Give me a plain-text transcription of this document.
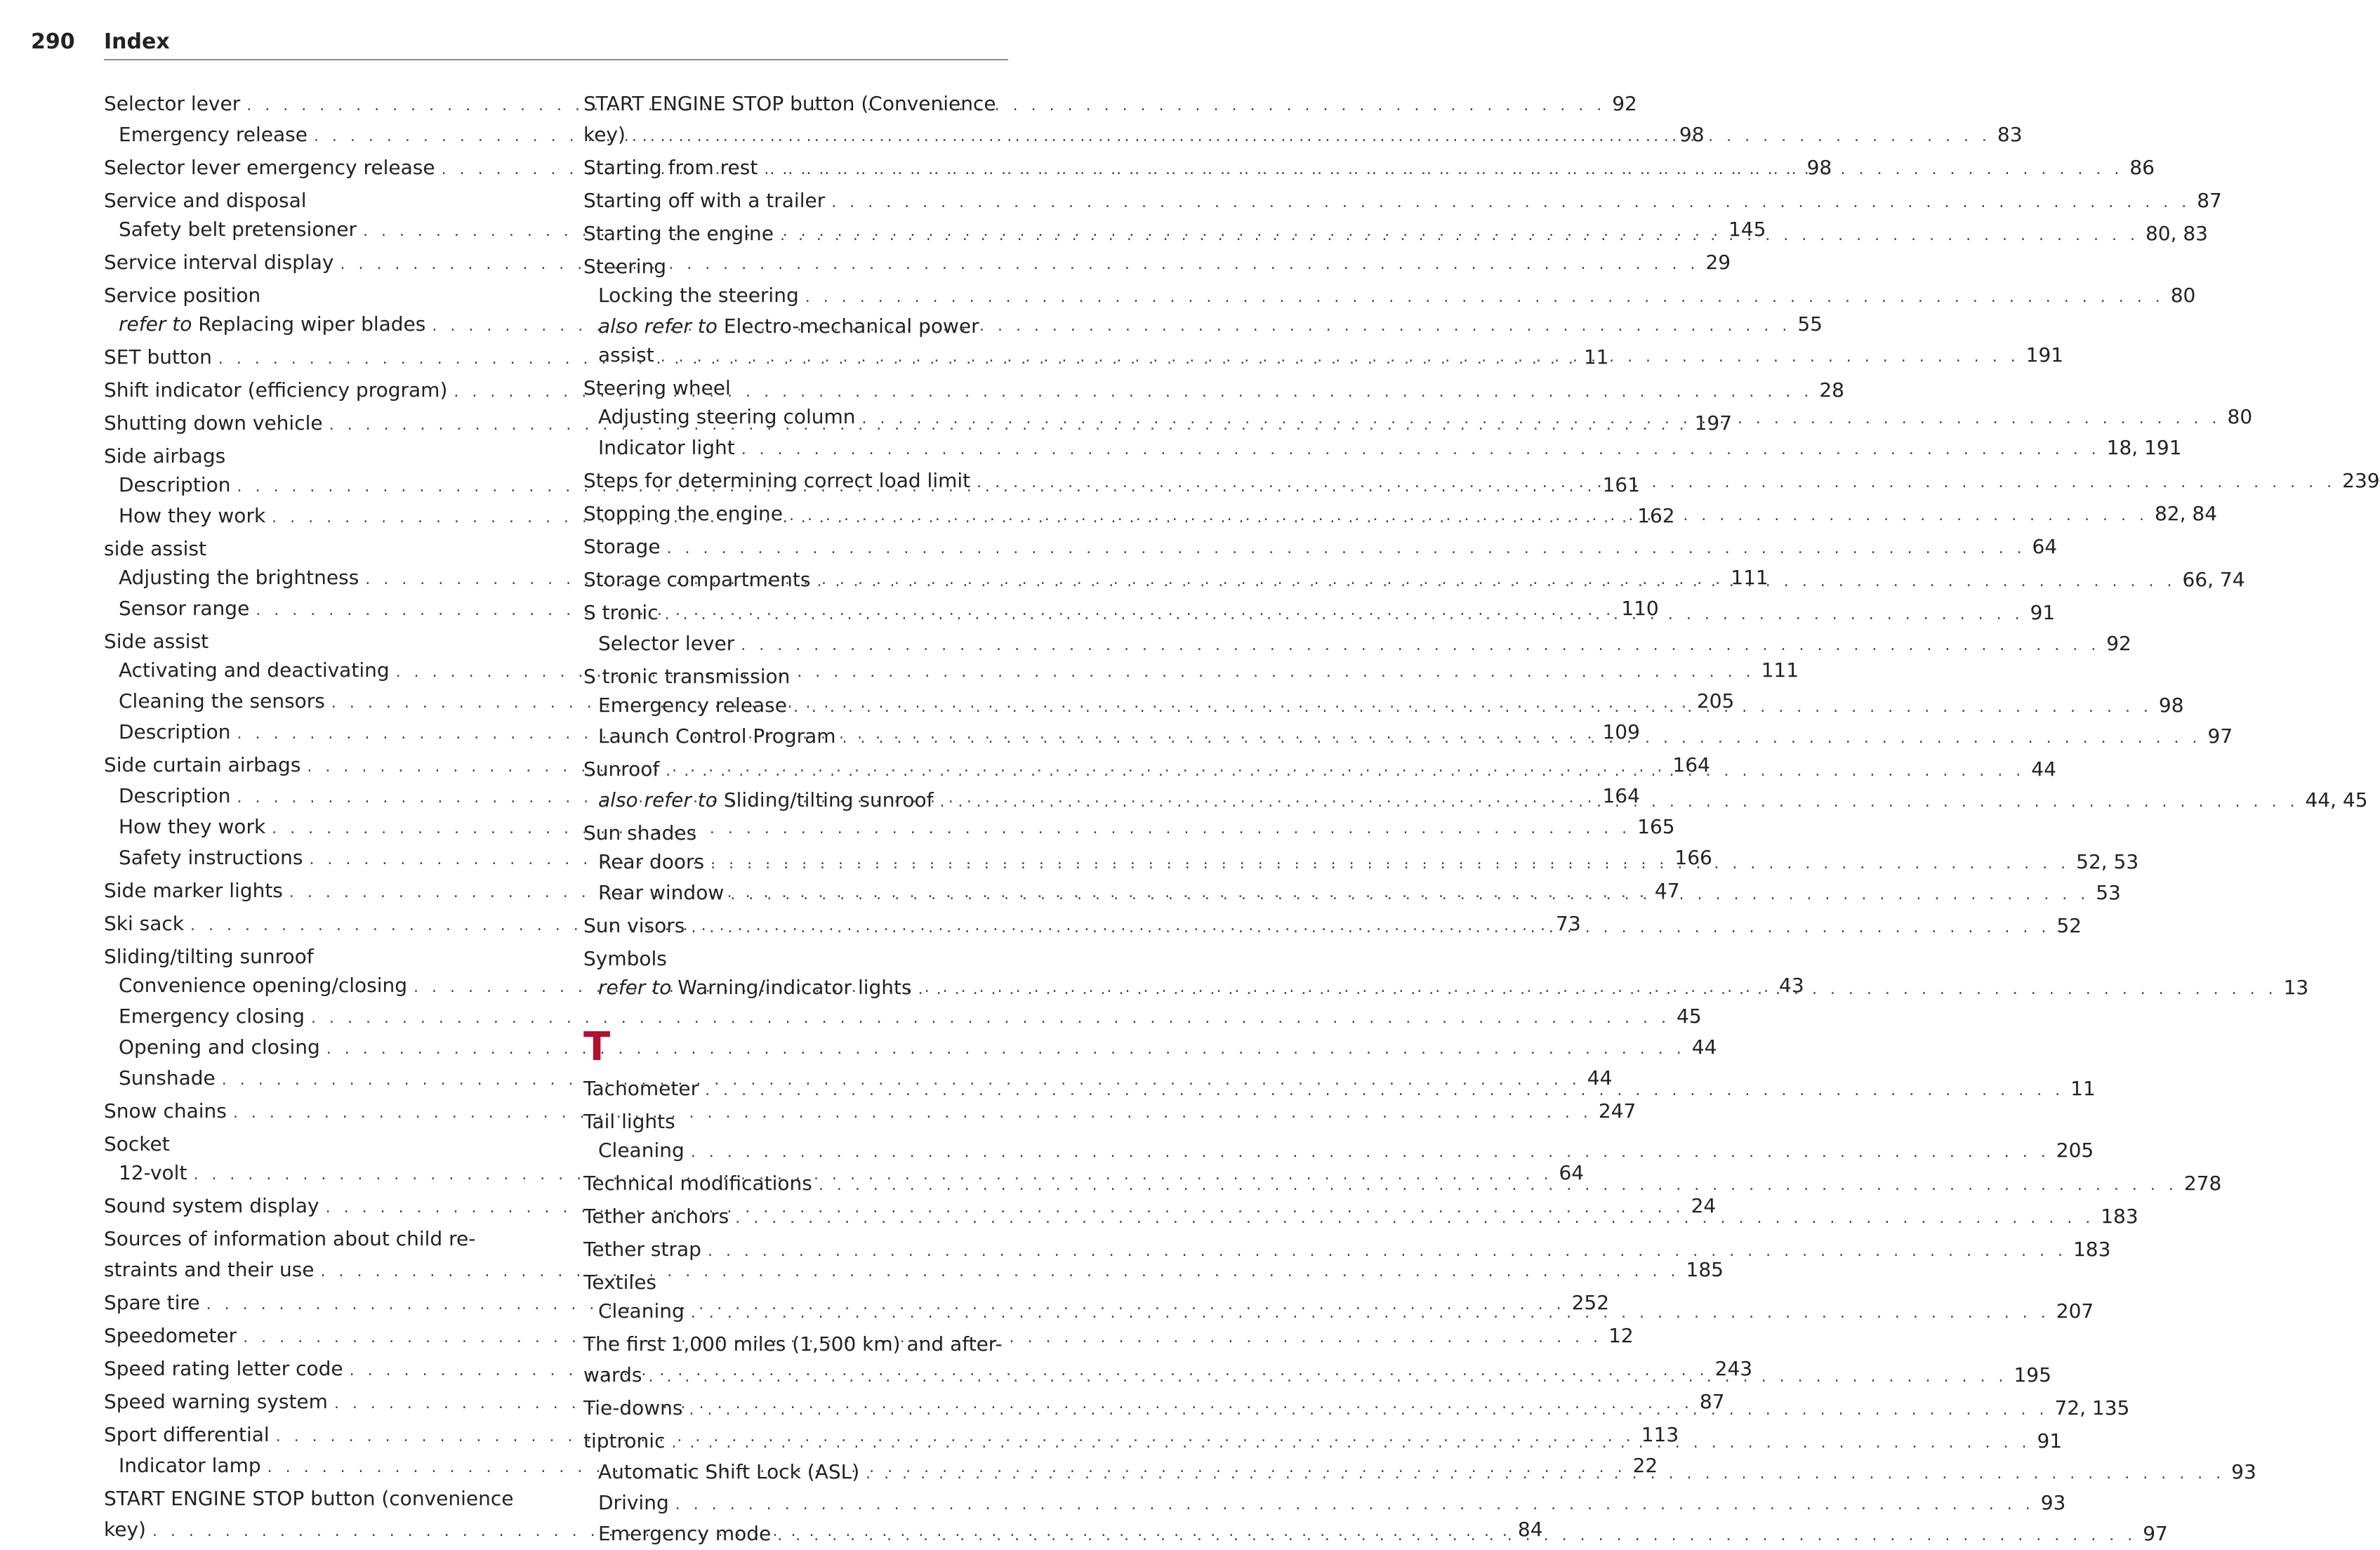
290 Index
Selector lever . . .	92
Emergency release . . .	98
Selector lever emergency release . . .	98
Service and disposal
Safety belt pretensioner . . .	145
Service interval display . . .	29
Service position
refer to Replacing wiper blades . . .	55
SET button . . .	11
Shift indicator (efficiency program) . . .	28
Shutting down vehicle . . .	197
Side airbags
Description . . .	161
How they work . . .	162
side assist
Adjusting the brightness . . .	111
Sensor range . . .	110
Side assist
Activating and deactivating . . .	111
Cleaning the sensors . . .	205
Description . . .	109
Side curtain airbags . . .	164
Description . . .	164
How they work . . .	165
Safety instructions . . .	166
Side marker lights . . .	47
Ski sack . . .	73
Sliding/tilting sunroof
Convenience opening/closing . . .	43
Emergency closing . . .	45
Opening and closing . . .	44
Sunshade . . .	44
Snow chains . . .	247
Socket
12-volt . . .	64
Sound system display . . .	24
Sources of information about child re-
straints and their use . . .	185
Spare tire . . .	252
Speedometer . . .	12
Speed rating letter code . . .	243
Speed warning system . . .	87
Sport differential . . .	113
Indicator lamp . . .	22
START ENGINE STOP button (convenience
key) . . .	84
START ENGINE STOP button (Convenience
key) . . .	83
Starting from rest . . .	86
Starting off with a trailer . . .	87
Starting the engine . . .	80, 83
Steering
Locking the steering . . .	80
also refer to Electro-mechanical power
assist . . .	191
Steering wheel
Adjusting steering column . . .	80
Indicator light . . .	18, 191
Steps for determining correct load limit . . .	239
Stopping the engine . . .	82, 84
Storage . . .	64
Storage compartments . . .	66, 74
S tronic . . .	91
Selector lever . . .	92
S tronic transmission
Emergency release . . .	98
Launch Control Program . . .	97
Sunroof . . .	44
also refer to Sliding/tilting sunroof . . .	44, 45
Sun shades
Rear doors . . .	52, 53
Rear window . . .	53
Sun visors . . .	52
Symbols
refer to Warning/indicator lights . . .	13
T
Tachometer . . .	11
Tail lights
Cleaning . . .	205
Technical modifications . . .	278
Tether anchors . . .	183
Tether strap . . .	183
Textiles
Cleaning . . .	207
The first 1,000 miles (1,500 km) and after-
wards . . .	195
Tie-downs . . .	72, 135
tiptronic . . .	91
Automatic Shift Lock (ASL) . . .	93
Driving . . .	93
Emergency mode . . .	97
